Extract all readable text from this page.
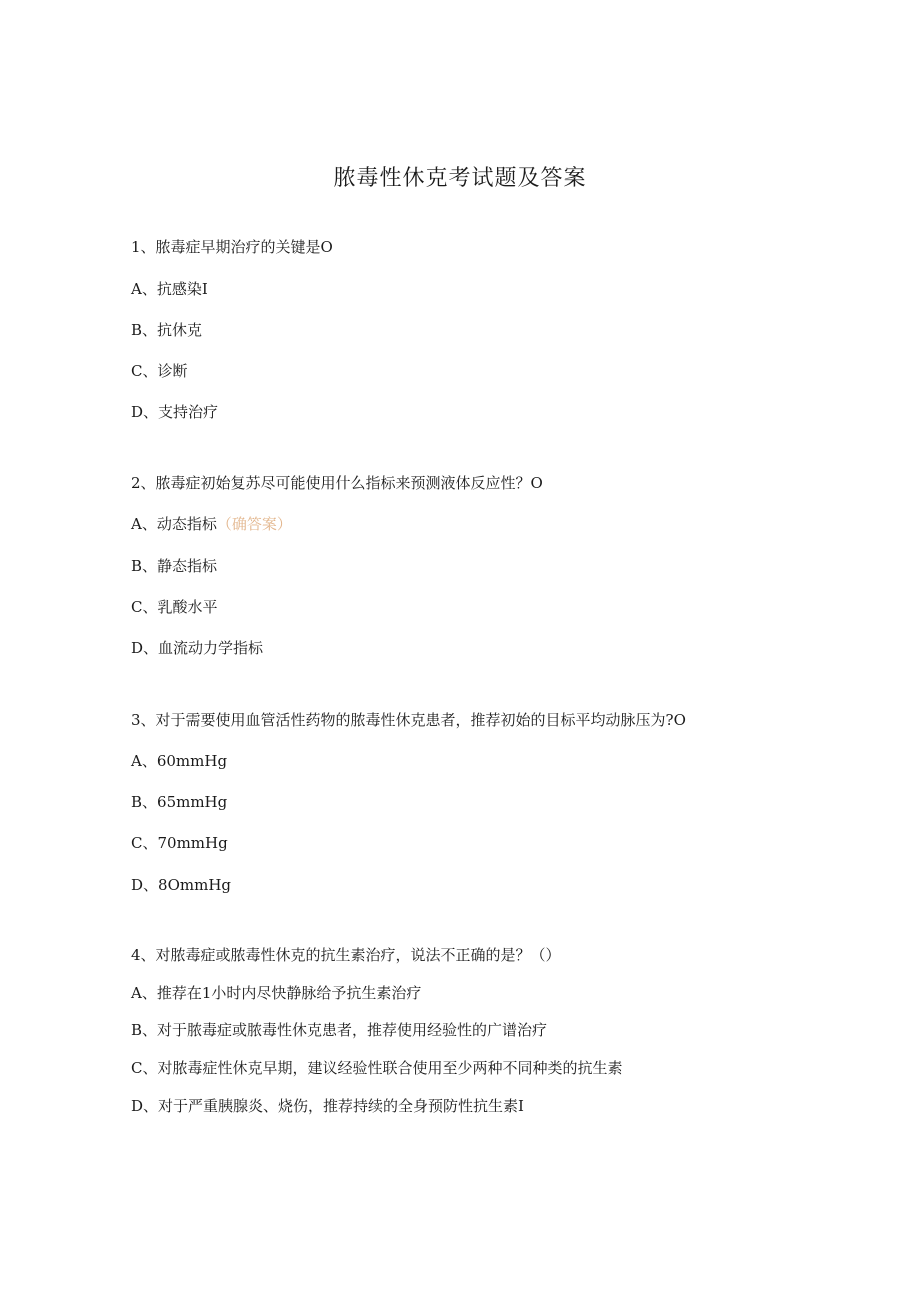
脓毒性休克考试题及答案
1、脓毒症早期治疗的关键是O
A、抗感染I
B、抗休克
C、诊断
D、支持治疗
2、脓毒症初始复苏尽可能使用什么指标来预测液体反应性？O
A、动态指标（确答案）
B、静态指标
C、乳酸水平
D、血流动力学指标
3、对于需要使用血管活性药物的脓毒性休克患者，推荐初始的目标平均动脉压为?O
A、60mmHg
B、65mmHg
C、70mmHg
D、8OmmHg
4、对脓毒症或脓毒性休克的抗生素治疗，说法不正确的是？（）
A、推荐在1小时内尽快静脉给予抗生素治疗
B、对于脓毒症或脓毒性休克患者，推荐使用经验性的广谱治疗
C、对脓毒症性休克早期，建议经验性联合使用至少两种不同种类的抗生素
D、对于严重胰腺炎、烧伤，推荐持续的全身预防性抗生素I
